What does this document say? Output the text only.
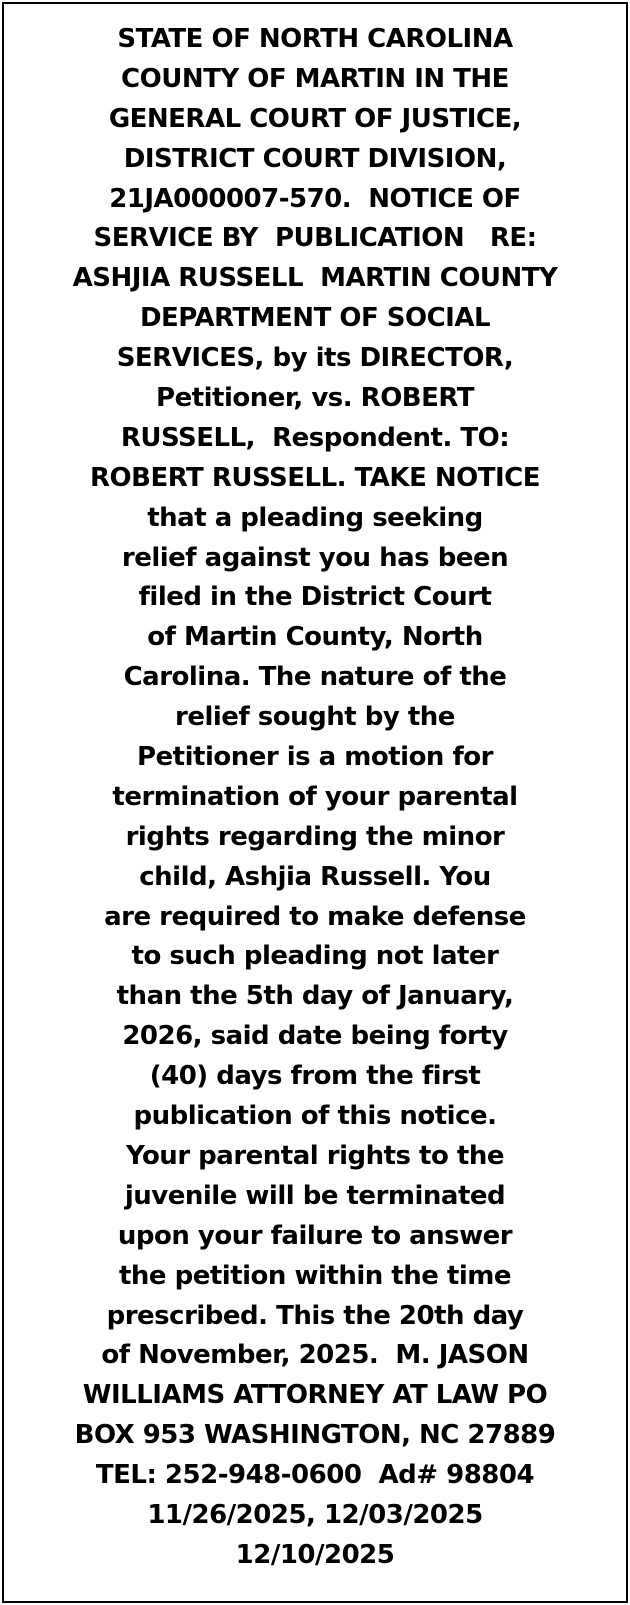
STATE OF NORTH CAROLINA
COUNTY OF MARTIN IN THE
GENERAL COURT OF JUSTICE,
DISTRICT COURT DIVISION,
21JA000007-570.  NOTICE OF
SERVICE BY  PUBLICATION   RE:
ASHJIA RUSSELL  MARTIN COUNTY
DEPARTMENT OF SOCIAL
SERVICES, by its DIRECTOR,
Petitioner, vs. ROBERT
RUSSELL,  Respondent. TO:
ROBERT RUSSELL. TAKE NOTICE
that a pleading seeking
relief against you has been
filed in the District Court
of Martin County, North
Carolina. The nature of the
relief sought by the
Petitioner is a motion for
termination of your parental
rights regarding the minor
child, Ashjia Russell. You
are required to make defense
to such pleading not later
than the 5th day of January,
2026, said date being forty
(40) days from the first
publication of this notice.
Your parental rights to the
juvenile will be terminated
upon your failure to answer
the petition within the time
prescribed. This the 20th day
of November, 2025.  M. JASON
WILLIAMS ATTORNEY AT LAW PO
BOX 953 WASHINGTON, NC 27889
TEL: 252-948-0600  Ad# 98804
11/26/2025, 12/03/2025
12/10/2025
